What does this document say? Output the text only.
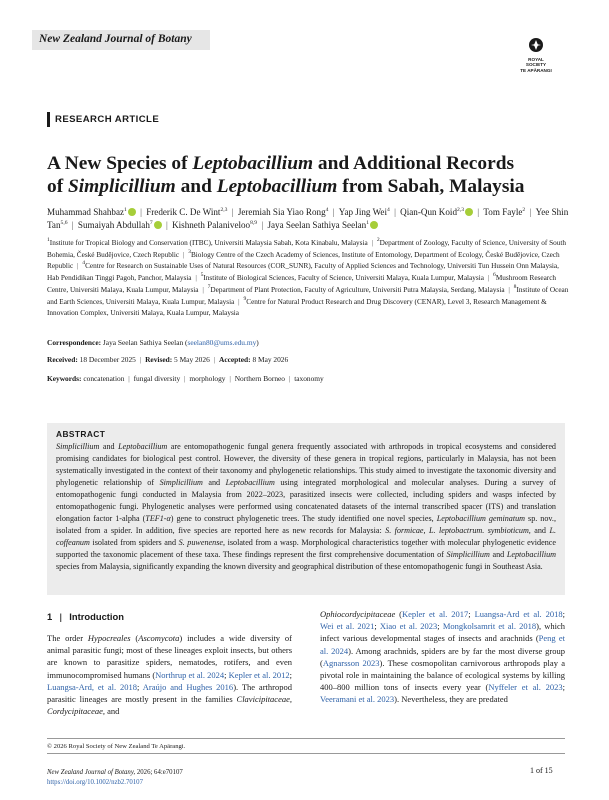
New Zealand Journal of Botany
ROYAL
SOCIETY
TE APĀRANGI
RESEARCH ARTICLE
A New Species of Leptobacillium and Additional Records
of Simplicillium and Leptobacillium from Sabah, Malaysia
Muhammad Shahbaz$^1$ | Frederik C. De Wint$^{2,3}$ | Jeremiah Sia Yiao Rong$^4$ | Yap Jing Wei$^4$ | Qian-Qun Koid$^{2,3}$ | Tom Fayle$^2$ | Yee Shin Tan$^{5,6}$ | Sumaiyah Abdullah$^7$ | Kishneth Palaniveloo$^{8,9}$ | Jaya Seelan Sathiya Seelan$^1$
$^1$Institute for Tropical Biology and Conservation (ITBC), Universiti Malaysia Sabah, Kota Kinabalu, Malaysia | $^2$Department of Zoology, Faculty of Science, University of South Bohemia, České Budějovice, Czech Republic | $^3$Biology Centre of the Czech Academy of Sciences, Institute of Entomology, Department of Ecology, České Budějovice, Czech Republic | $^4$Centre for Research on Sustainable Uses of Natural Resources (COR_SUNR), Faculty of Applied Sciences and Technology, Universiti Tun Hussein Onn Malaysia, Hab Pendidikan Tinggi Pagoh, Panchor, Malaysia | $^5$Institute of Biological Sciences, Faculty of Science, Universiti Malaya, Kuala Lumpur, Malaysia | $^6$Mushroom Research Centre, Universiti Malaya, Kuala Lumpur, Malaysia | $^7$Department of Plant Protection, Faculty of Agriculture, Universiti Putra Malaysia, Serdang, Malaysia | $^8$Institute of Ocean and Earth Sciences, Universiti Malaya, Kuala Lumpur, Malaysia | $^9$Centre for Natural Product Research and Drug Discovery (CENAR), Level 3, Research Management & Innovation Complex, Universiti Malaya, Kuala Lumpur, Malaysia
Correspondence: Jaya Seelan Sathiya Seelan (seelan80@ums.edu.my)
Received: 18 December 2025 | Revised: 5 May 2026 | Accepted: 8 May 2026
Keywords: concatenation | fungal diversity | morphology | Northern Borneo | taxonomy
ABSTRACT

Simplicillium and Leptobacillium are entomopathogenic fungal genera frequently associated with arthropods in tropical ecosystems and considered promising candidates for biological pest control. However, the diversity of these genera in tropical regions, particularly in Malaysia, has not been systematically investigated in the context of their taxonomy and phylogenetic relationships. This study aimed to investigate the taxonomic diversity and phylogenetic relationship of Simplicillium and Leptobacillium using integrated morphological and molecular analyses. During a survey of entomopathogenic fungi conducted in Malaysia from 2022–2023, parasitized insects were collected, including spiders and wasps infected by entomopathogenic fungi. Phylogenetic analyses were performed using concatenated datasets of the internal transcribed spacer (ITS) and translation elongation factor 1-alpha (TEF1-α) gene to construct phylogenetic trees. The study identified one novel species, Leptobacillium geminatum sp. nov., isolated from a spider. In addition, five species are reported here as new records for Malaysia: S. formicae, L. leptobactrum. symbioticum, and L. coffeanum isolated from spiders and S. puwenense, isolated from a wasp. Morphological characteristics together with molecular phylogenetic evidence supported the taxonomic placement of these taxa. These findings represent the first comprehensive documentation of Simplicillium and Leptobacillium species from Malaysia, significantly expanding the known diversity and geographical distribution of these entomopathogenic fungi in Southeast Asia.

1  |  Introduction

The order Hypocreales (Ascomycota) includes a wide diversity of animal parasitic fungi; most of these lineages exploit insects, but others are known to parasitize spiders, nematodes, rotifers, and even immunocompromised humans (Northrup et al. 2024; Kepler et al. 2012; Luangsa-Ard, et al. 2018; Araújo and Hughes 2016). The arthropod parasitic lineages are mostly present in the families Clavicipitaceae, Cordycipitaceae, and

Ophiocordycipitaceae (Kepler et al. 2017; Luangsa-Ard et al. 2018; Wei et al. 2021; Xiao et al. 2023; Mongkolsamrit et al. 2018), which infect various developmental stages of insects and arachnids (Peng et al. 2024). Among arachnids, spiders are by far the most diverse group (Agnarsson 2023). These cosmopolitan carnivorous arthropods play a pivotal role in maintaining the balance of ecological systems by killing 400–800 million tons of insects every year (Nyffeler et al. 2023; Veeramani et al. 2023). Nevertheless, they are predated

© 2026 Royal Society of New Zealand Te Apārangi.
New Zealand Journal of Botany, 2026; 64:e70107
https://doi.org/10.1002/nzb2.70107
1 of 15
